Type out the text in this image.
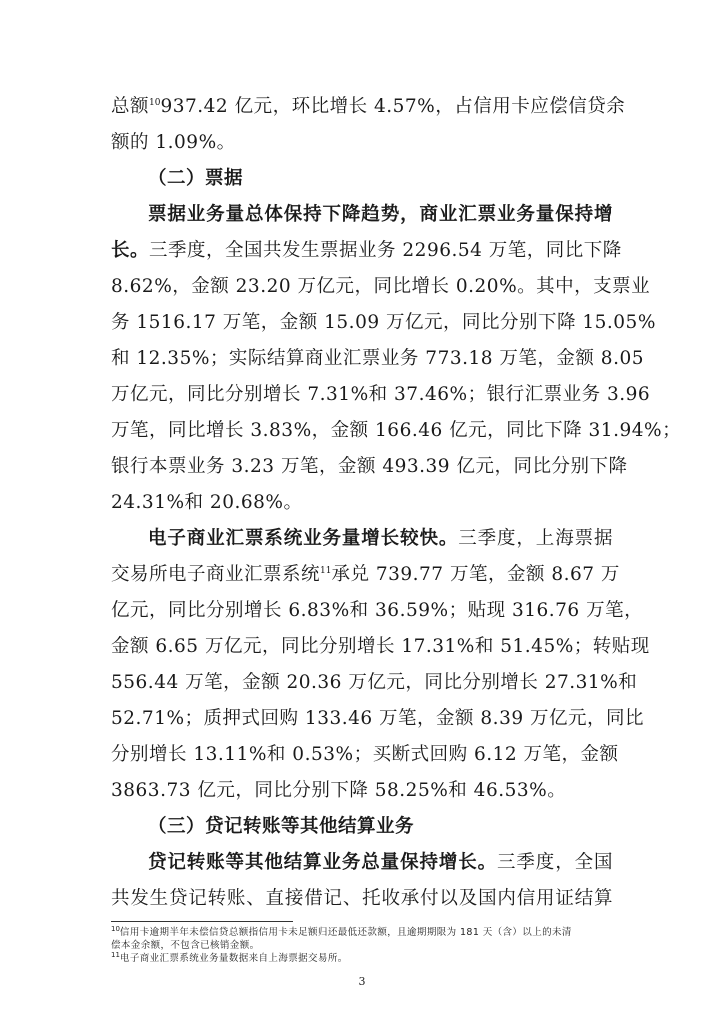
总额$^{10}$937.42 亿元，环比增长 4.57%，占信用卡应偿信贷余
额的 1.09%。
（二）票据
票据业务量总体保持下降趋势，商业汇票业务量保持增
长。三季度，全国共发生票据业务 2296.54 万笔，同比下降
8.62%，金额 23.20 万亿元，同比增长 0.20%。其中，支票业
务 1516.17 万笔，金额 15.09 万亿元，同比分别下降 15.05%
和 12.35%；实际结算商业汇票业务 773.18 万笔，金额 8.05
万亿元，同比分别增长 7.31%和 37.46%；银行汇票业务 3.96
万笔，同比增长 3.83%，金额 166.46 亿元，同比下降 31.94%；
银行本票业务 3.23 万笔，金额 493.39 亿元，同比分别下降
24.31%和 20.68%。
电子商业汇票系统业务量增长较快。三季度，上海票据
交易所电子商业汇票系统$^{11}$承兑 739.77 万笔，金额 8.67 万
亿元，同比分别增长 6.83%和 36.59%；贴现 316.76 万笔，
金额 6.65 万亿元，同比分别增长 17.31%和 51.45%；转贴现
556.44 万笔，金额 20.36 万亿元，同比分别增长 27.31%和
52.71%；质押式回购 133.46 万笔，金额 8.39 万亿元，同比
分别增长 13.11%和 0.53%；买断式回购 6.12 万笔，金额
3863.73 亿元，同比分别下降 58.25%和 46.53%。
（三）贷记转账等其他结算业务
贷记转账等其他结算业务总量保持增长。三季度，全国
共发生贷记转账、直接借记、托收承付以及国内信用证结算
$^{10}$信用卡逾期半年未偿信贷总额指信用卡未足额归还最低还款额，且逾期期限为 181 天（含）以上的未清
偿本金余额，不包含已核销金额。
$^{11}$电子商业汇票系统业务量数据来自上海票据交易所。
3
